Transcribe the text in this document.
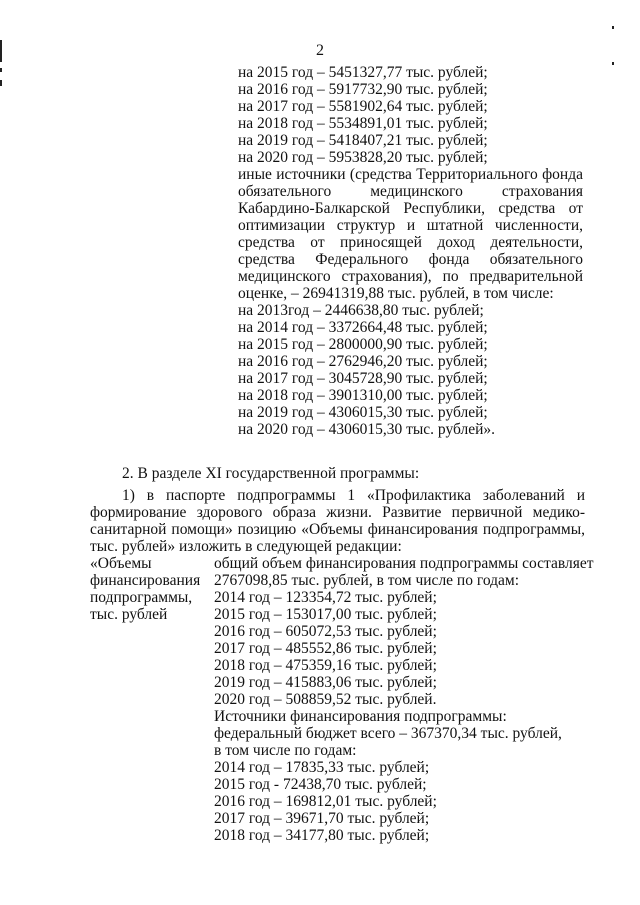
2
на 2015 год – 5451327,77 тыс. рублей;
на 2016 год – 5917732,90 тыс. рублей;
на 2017 год – 5581902,64 тыс. рублей;
на 2018 год – 5534891,01 тыс. рублей;
на 2019 год – 5418407,21 тыс. рублей;
на 2020 год – 5953828,20 тыс. рублей;
иные источники (средства Территориального фонда
обязательного медицинского страхования
Кабардино-Балкарской Республики, средства от
оптимизации структур и штатной численности,
средства от приносящей доход деятельности,
средства Федерального фонда обязательного
медицинского страхования), по предварительной
оценке, – 26941319,88 тыс. рублей, в том числе:
на 2013год – 2446638,80 тыс. рублей;
на 2014 год – 3372664,48 тыс. рублей;
на 2015 год – 2800000,90 тыс. рублей;
на 2016 год – 2762946,20 тыс. рублей;
на 2017 год – 3045728,90 тыс. рублей;
на 2018 год – 3901310,00 тыс. рублей;
на 2019 год – 4306015,30 тыс. рублей;
на 2020 год – 4306015,30 тыс. рублей».
2. В разделе XI государственной программы:
1) в паспорте подпрограммы 1 «Профилактика заболеваний и
формирование здорового образа жизни. Развитие первичной медико-
санитарной помощи» позицию «Объемы финансирования подпрограммы,
тыс. рублей» изложить в следующей редакции:
«Объемы
финансирования
подпрограммы,
тыс. рублей
общий объем финансирования подпрограммы составляет
2767098,85 тыс. рублей, в том числе по годам:
2014 год – 123354,72 тыс. рублей;
2015 год – 153017,00 тыс. рублей;
2016 год – 605072,53 тыс. рублей;
2017 год – 485552,86 тыс. рублей;
2018 год – 475359,16 тыс. рублей;
2019 год – 415883,06 тыс. рублей;
2020 год – 508859,52 тыс. рублей.
Источники финансирования подпрограммы:
федеральный бюджет всего – 367370,34 тыс. рублей,
в том числе по годам:
2014 год – 17835,33 тыс. рублей;
2015 год - 72438,70 тыс. рублей;
2016 год – 169812,01 тыс. рублей;
2017 год – 39671,70 тыс. рублей;
2018 год – 34177,80 тыс. рублей;
